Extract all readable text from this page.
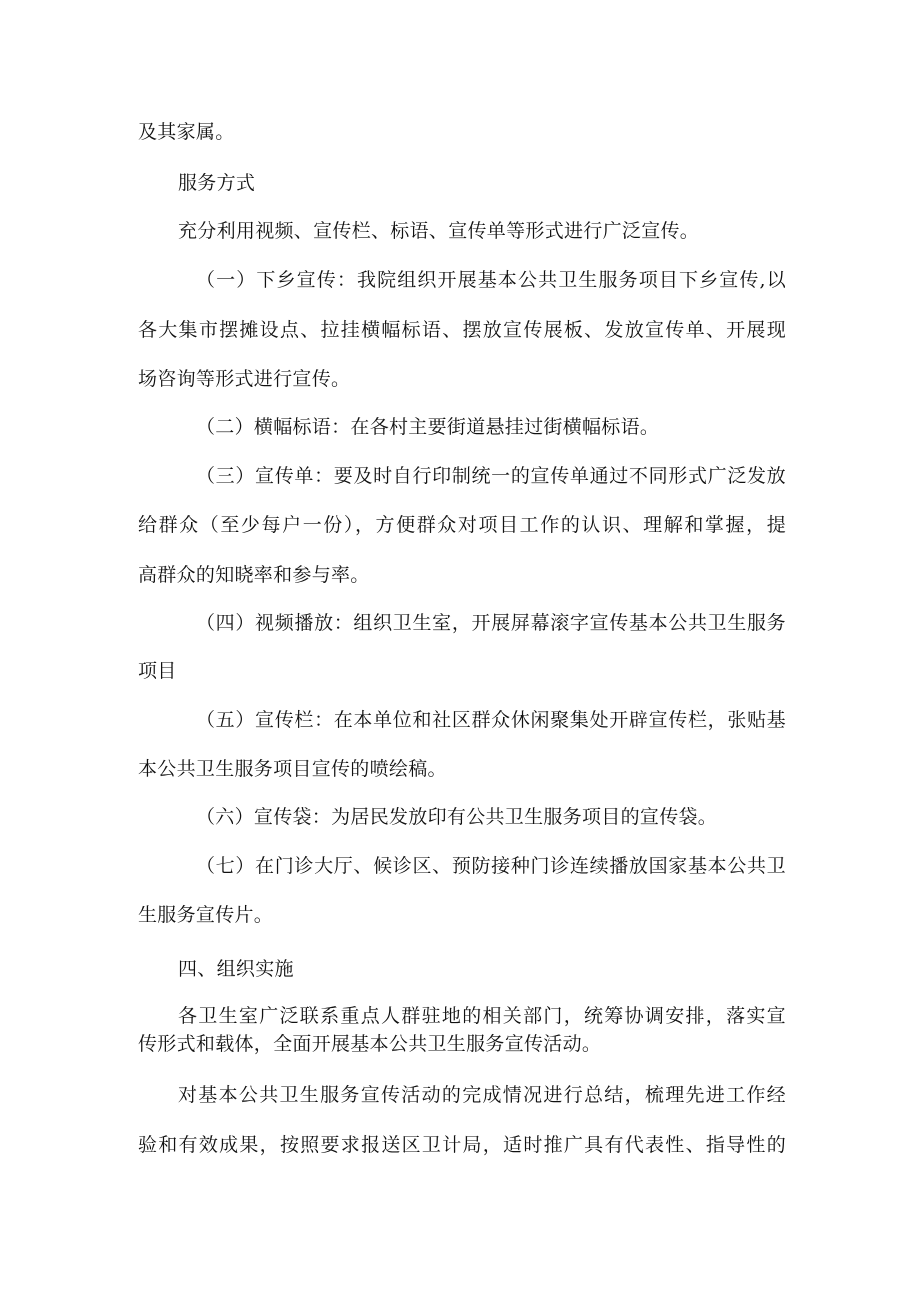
及其家属。
服务方式
充分利用视频、宣传栏、标语、宣传单等形式进行广泛宣传。
（一）下乡宣传：我院组织开展基本公共卫生服务项目下乡宣传,以
各大集市摆摊设点、拉挂横幅标语、摆放宣传展板、发放宣传单、开展现
场咨询等形式进行宣传。
（二）横幅标语：在各村主要街道悬挂过街横幅标语。
（三）宣传单：要及时自行印制统一的宣传单通过不同形式广泛发放
给群众（至少每户一份），方便群众对项目工作的认识、理解和掌握，提
高群众的知晓率和参与率。
（四）视频播放：组织卫生室，开展屏幕滚字宣传基本公共卫生服务
项目
（五）宣传栏：在本单位和社区群众休闲聚集处开辟宣传栏，张贴基
本公共卫生服务项目宣传的喷绘稿。
（六）宣传袋：为居民发放印有公共卫生服务项目的宣传袋。
（七）在门诊大厅、候诊区、预防接种门诊连续播放国家基本公共卫
生服务宣传片。
四、组织实施
各卫生室广泛联系重点人群驻地的相关部门，统筹协调安排，落实宣
传形式和载体，全面开展基本公共卫生服务宣传活动。
对基本公共卫生服务宣传活动的完成情况进行总结，梳理先进工作经
验和有效成果，按照要求报送区卫计局，适时推广具有代表性、指导性的
